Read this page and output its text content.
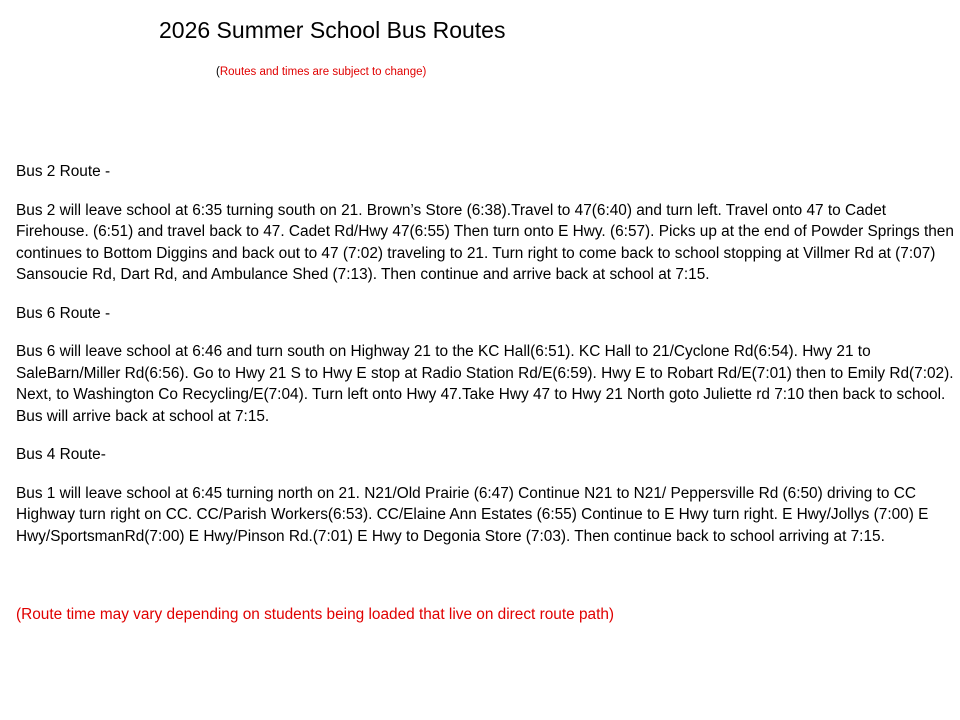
2026 Summer School Bus Routes
(Routes and times are subject to change)

Bus 2 Route -

Bus 2 will leave school at 6:35 turning south on 21. Brown’s Store (6:38).Travel to 47(6:40) and turn left. Travel onto 47 to Cadet Firehouse. (6:51) and travel back to 47. Cadet Rd/Hwy 47(6:55) Then turn onto E Hwy. (6:57). Picks up at the end of Powder Springs then continues to Bottom Diggins and back out to 47 (7:02) traveling to 21. Turn right to come back to school stopping at Villmer Rd at (7:07) Sansoucie Rd, Dart Rd, and Ambulance Shed (7:13). Then continue and arrive back at school at 7:15.

Bus 6 Route -

Bus 6 will leave school at 6:46 and turn south on Highway 21 to the KC Hall(6:51). KC Hall to 21/Cyclone Rd(6:54). Hwy 21 to SaleBarn/Miller Rd(6:56). Go to Hwy 21 S to Hwy E stop at Radio Station Rd/E(6:59). Hwy E to Robart Rd/E(7:01) then to Emily Rd(7:02). Next, to Washington Co Recycling/E(7:04). Turn left onto Hwy 47.Take Hwy 47 to Hwy 21 North goto Juliette rd 7:10 then back to school. Bus will arrive back at school at 7:15.

Bus 4 Route-

Bus 1 will leave school at 6:45 turning north on 21. N21/Old Prairie (6:47) Continue N21 to N21/ Peppersville Rd (6:50) driving to CC Highway turn right on CC. CC/Parish Workers(6:53). CC/Elaine Ann Estates (6:55) Continue to E Hwy turn right. E Hwy/Jollys (7:00) E Hwy/SportsmanRd(7:00) E Hwy/Pinson Rd.(7:01) E Hwy to Degonia Store (7:03). Then continue back to school arriving at 7:15.

(Route time may vary depending on students being loaded that live on direct route path)
